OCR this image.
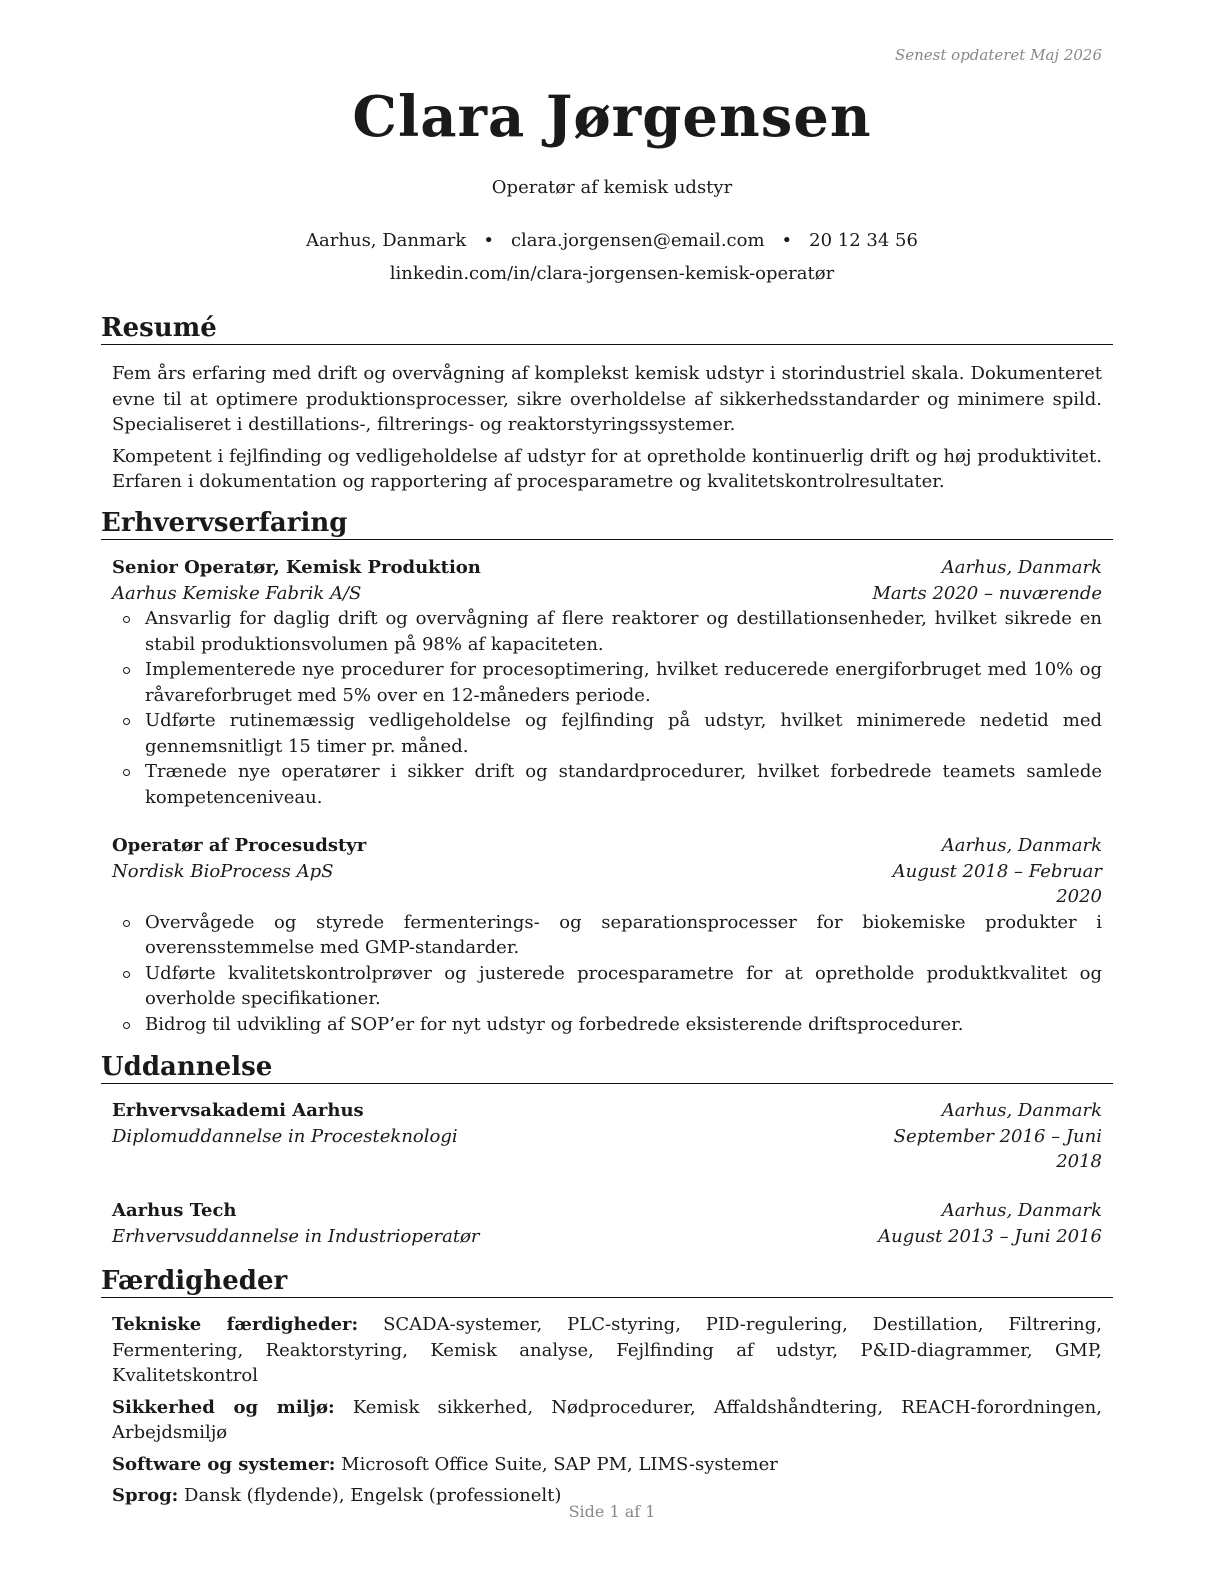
Senest opdateret Maj 2026
Clara Jørgensen
Operatør af kemisk udstyr
Aarhus, Danmark • clara.jorgensen@email.com • 20 12 34 56
linkedin.com/in/clara-jorgensen-kemisk-operatør
Resumé

Fem års erfaring med drift og overvågning af komplekst kemisk udstyr i storindustriel skala. Dokumenteret evne til at optimere produktionsprocesser, sikre overholdelse af sikkerhedsstandarder og minimere spild. Specialiseret i destillations-, filtrerings- og reaktorstyringssystemer.

Kompetent i fejlfinding og vedligeholdelse af udstyr for at opretholde kontinuerlig drift og høj produktivitet. Erfaren i dokumentation og rapportering af procesparametre og kvalitetskontrolresultater.

Erhvervserfaring
Senior Operatør, Kemisk Produktion	Aarhus, Danmark
Aarhus Kemiske Fabrik A/S	Marts 2020 – nuværende
Ansvarlig for daglig drift og overvågning af flere reaktorer og destillationsenheder, hvilket sikrede en stabil produktionsvolumen på 98% af kapaciteten.
Implementerede nye procedurer for procesoptimering, hvilket reducerede energiforbruget med 10% og råvareforbruget med 5% over en 12-måneders periode.
Udførte rutinemæssig vedligeholdelse og fejlfinding på udstyr, hvilket minimerede nedetid med gennemsnitligt 15 timer pr. måned.
Trænede nye operatører i sikker drift og standardprocedurer, hvilket forbedrede teamets samlede kompetenceniveau.
Operatør af Procesudstyr	Aarhus, Danmark
Nordisk BioProcess ApS	August 2018 – Februar 2020
Overvågede og styrede fermenterings- og separationsprocesser for biokemiske produkter i overensstemmelse med GMP-standarder.
Udførte kvalitetskontrolprøver og justerede procesparametre for at opretholde produktkvalitet og overholde specifikationer.
Bidrog til udvikling af SOP’er for nyt udstyr og forbedrede eksisterende driftsprocedurer.
Uddannelse
Erhvervsakademi Aarhus	Aarhus, Danmark
Diplomuddannelse in Procesteknologi	September 2016 – Juni 2018
Aarhus Tech	Aarhus, Danmark
Erhvervsuddannelse in Industrioperatør	August 2013 – Juni 2016
Færdigheder
Tekniske færdigheder: SCADA-systemer, PLC-styring, PID-regulering, Destillation, Filtrering, Fermentering, Reaktorstyring, Kemisk analyse, Fejlfinding af udstyr, P&ID-diagrammer, GMP, Kvalitetskontrol
Sikkerhed og miljø: Kemisk sikkerhed, Nødprocedurer, Affaldshåndtering, REACH-forordningen, Arbejdsmiljø
Software og systemer: Microsoft Office Suite, SAP PM, LIMS-systemer
Sprog: Dansk (flydende), Engelsk (professionelt)
Side 1 af 1
